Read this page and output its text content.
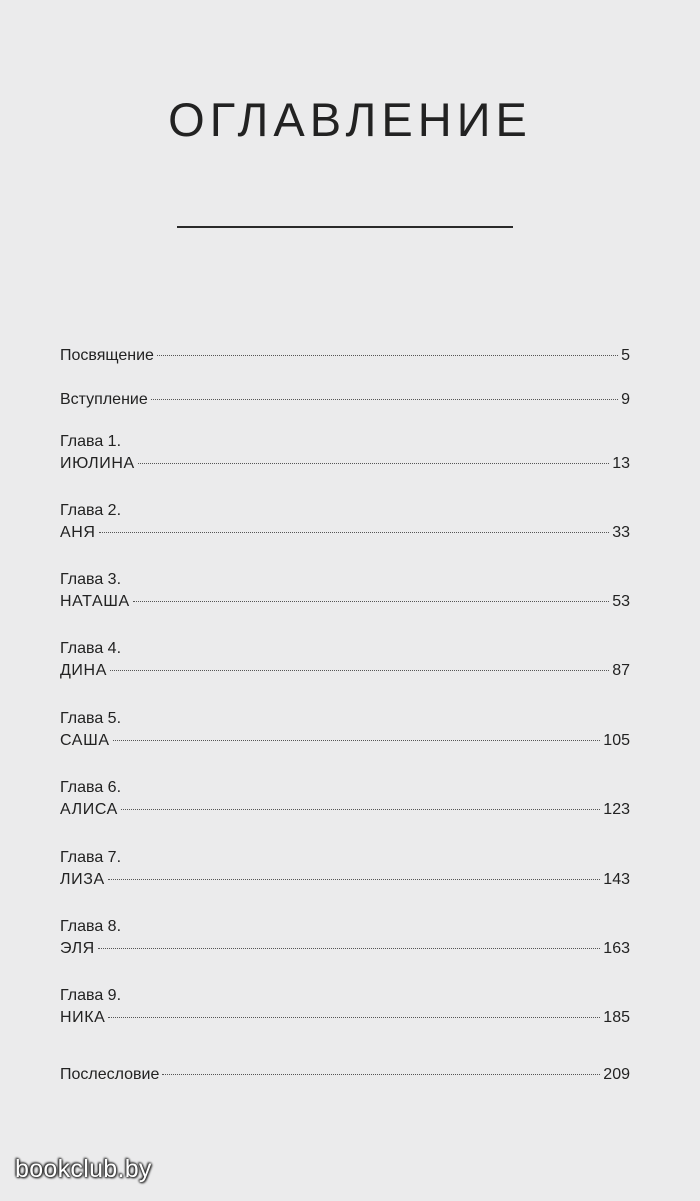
ОГЛАВЛЕНИЕ
Посвящение	5
Вступление	9
Глава 1.
ИЮЛИНА	13
Глава 2.
АНЯ	33
Глава 3.
НАТАША	53
Глава 4.
ДИНА	87
Глава 5.
САША	105
Глава 6.
АЛИСА	123
Глава 7.
ЛИЗА	143
Глава 8.
ЭЛЯ	163
Глава 9.
НИКА	185
Послесловие	209
bookclub.by
